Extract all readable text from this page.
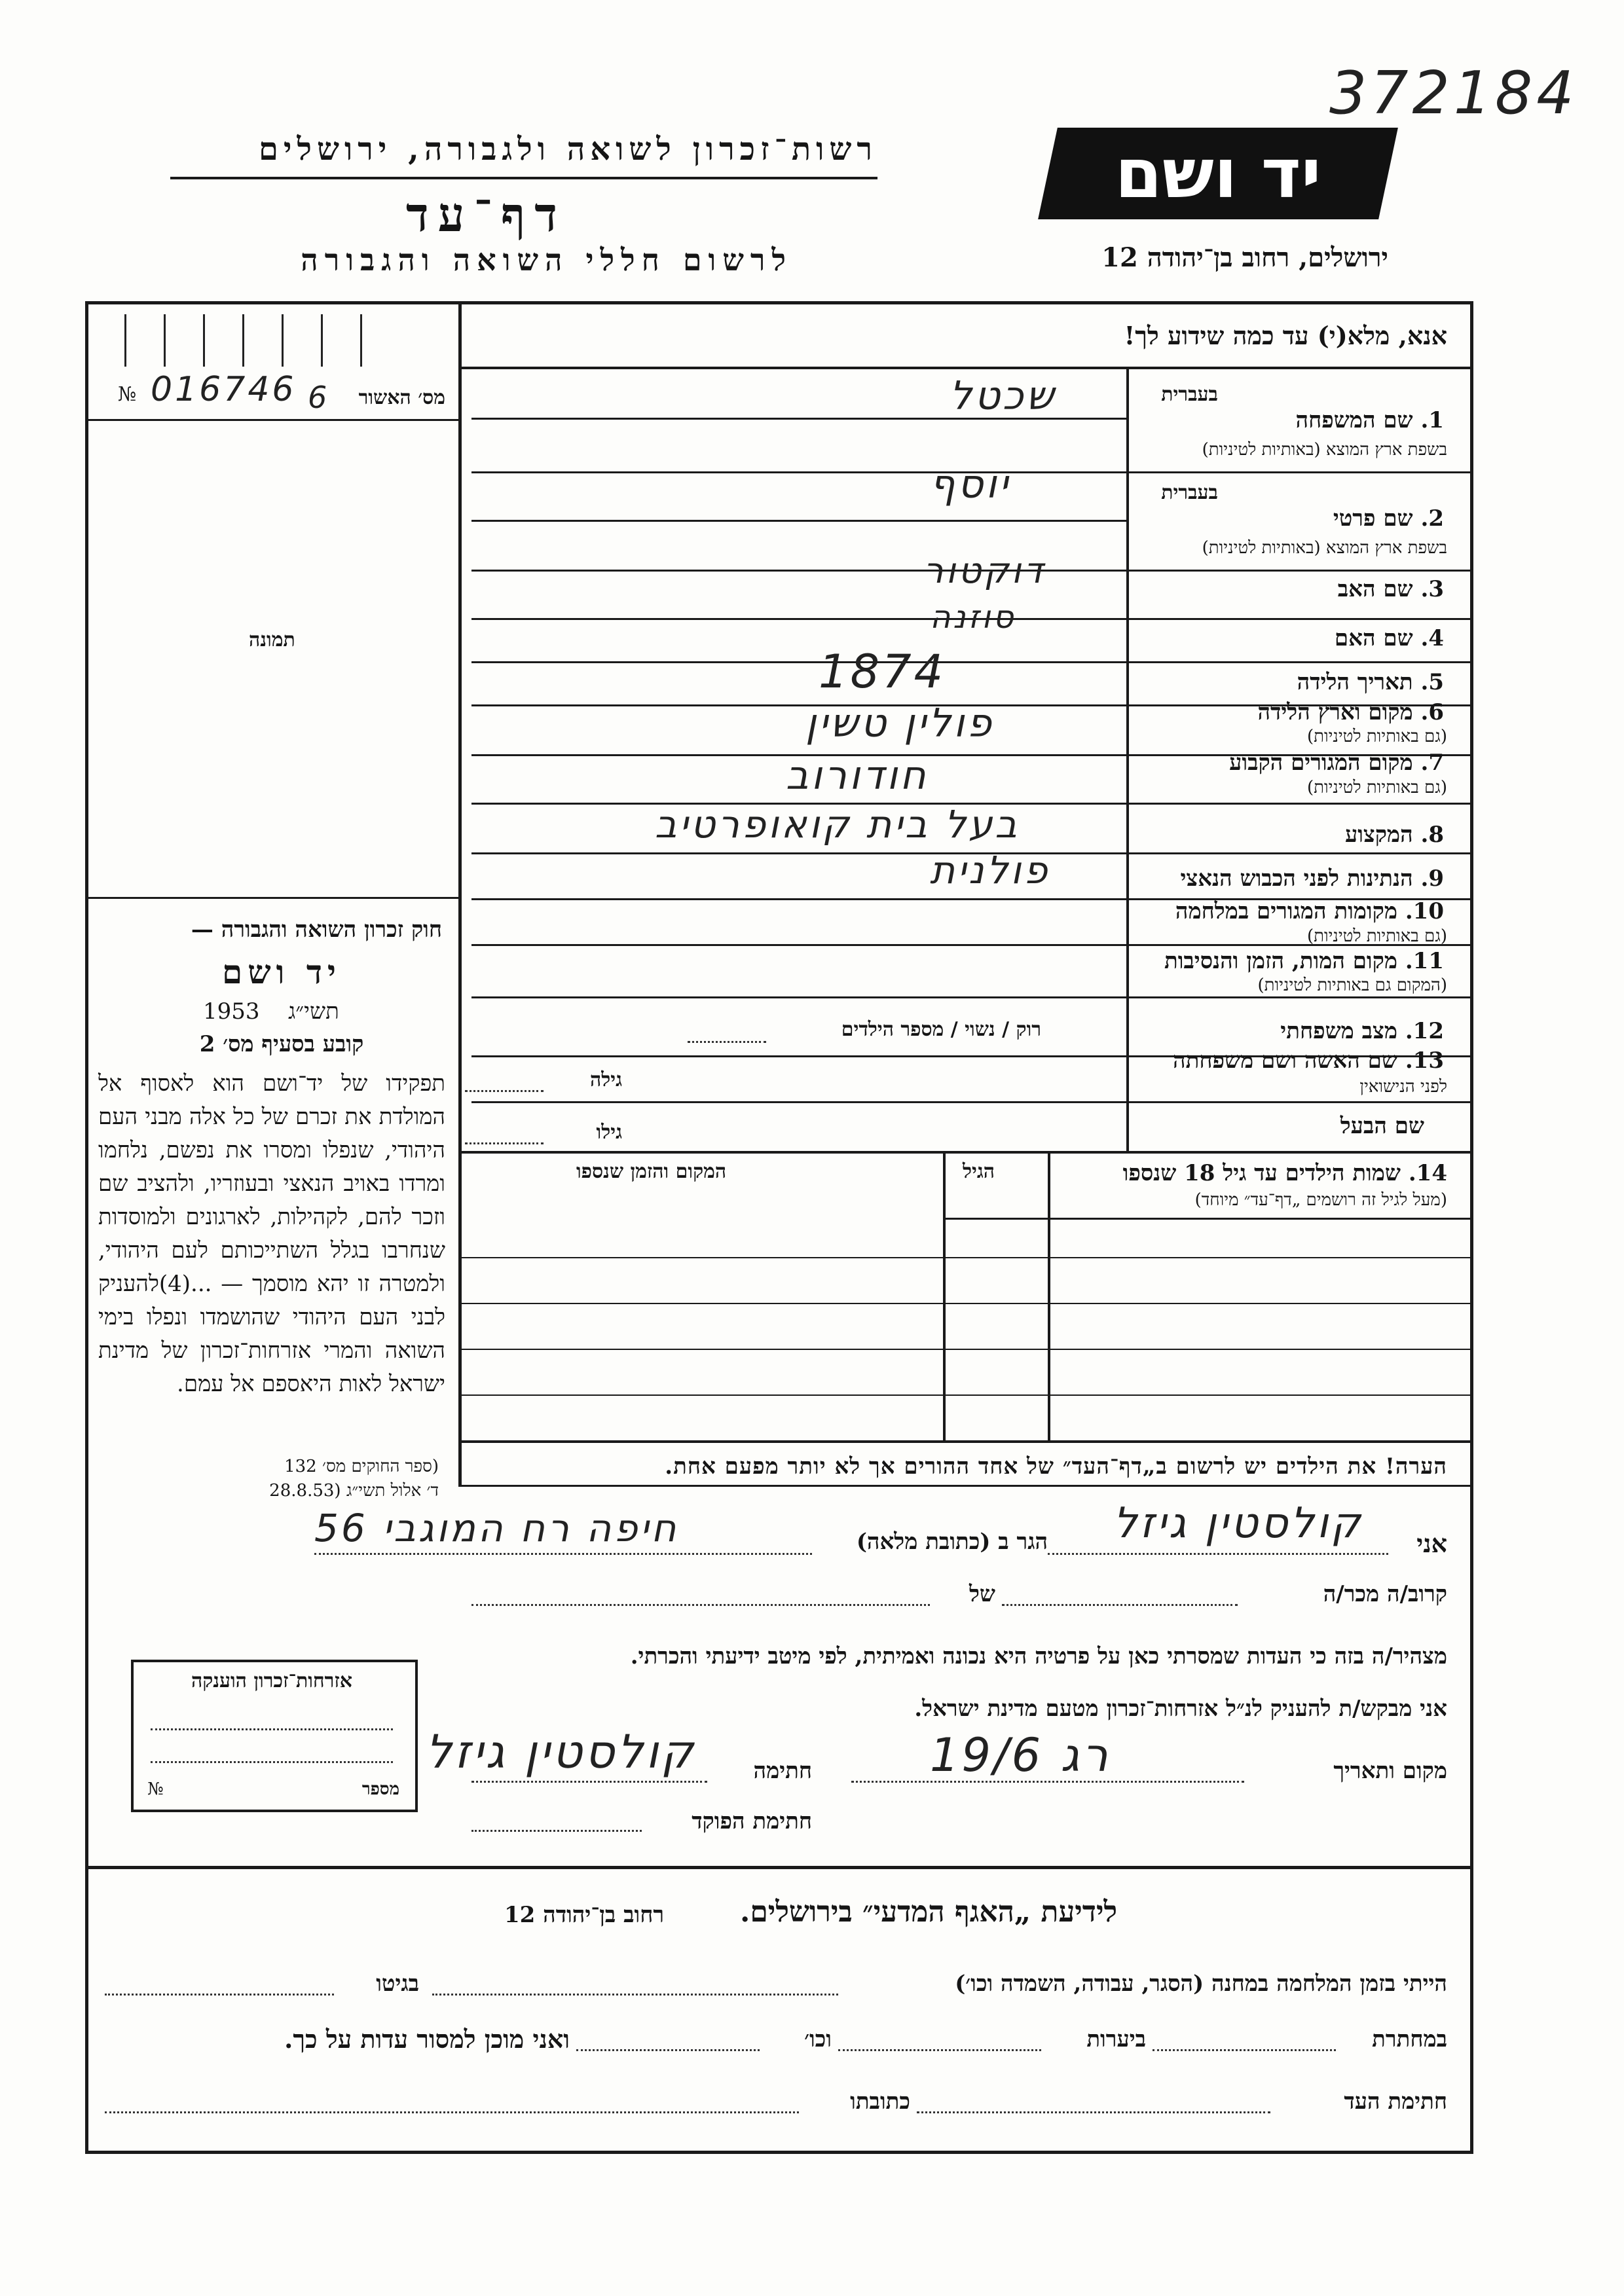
372184
רשות־זכרון לשואה ולגבורה, ירושלים
דף־עד
לרשום חללי השואה והגבורה
יד ושם
ירושלים, רחוב בן־יהודה 12
אנא, מלא(י) עד כמה שידוע לך!
№ 016746 6	מס׳ האשור
תמונה
חוק זכרון השואה והגבורה —
יד ושם
תשי״ג
1953
קובע בסעיף מס׳ 2
תפקידו של יד־ושם הוא לאסוף אל המולדת את זכרם של כל אלה מבני העם היהודי, שנפלו ומסרו את נפשם, נלחמו ומרדו באויב הנאצי ובעוזריו, ולהציב שם וזכר להם, לקהילות, לארגונים ולמוסדות שנחרבו בגלל השתייכותם לעם היהודי, ולמטרה זו יהא מוסמך — ...(4)להעניק לבני העם היהודי שהושמדו ונפלו בימי השואה והמרי אזרחות־זכרון של מדינת ישראל לאות היאספם אל עמם.
(ספר החוקים מס׳ 132
ד׳ אלול תשי״ג (28.8.53
בעברית
1. שם המשפחה
בשפת ארץ המוצא (באותיות לטיניות)
בעברית
2. שם פרטי
בשפת ארץ המוצא (באותיות לטיניות)
3. שם האב
4. שם האם
5. תאריך הלידה
6. מקום וארץ הלידה
(גם באותיות לטיניות)
7. מקום המגורים הקבוע
(גם באותיות לטיניות)
8. המקצוע
9. הנתינות לפני הכבוש הנאצי
10. מקומות המגורים במלחמה
(גם באותיות לטיניות)
11. מקום המות, הזמן והנסיבות
(המקום גם באותיות לטיניות)
12. מצב משפחתי
13. שם האשה ושם משפחתה
לפני הנישואין
שם הבעל
שכטל
יוסף
דוקטור
סוזנה
1874
פולין טשין
חודורוב
בעל בית קואופרטיב
פולנית
רוק / נשוי / מספר הילדים
גילה
גילו
14. שמות הילדים עד גיל 18 שנספו
(מעל לגיל זה רושמים „דף־עד״ מיוחד)
הגיל
המקום והזמן שנספו
הערה! את הילדים יש לרשום ב„דף־העד״ של אחד ההורים אך לא יותר מפעם אחת.
אני
קולסטין גיזל
הגר ב (כתובת מלאה)
חיפה רח המוגבי 56
קרוב/ה מכר/ה
של
מצהיר/ה בזה כי העדות שמסרתי כאן על פרטיה היא נכונה ואמיתית, לפי מיטב ידיעתי והכרתי.
אני מבקש/ת להעניק לנ״ל אזרחות־זכרון מטעם מדינת ישראל.
מקום ותאריך
רג 19/6
חתימה
קולסטין גיזל
חתימת הפוקד
אזרחות־זכרון הוענקה
№	מספר
לידיעת „האגף המדעי״ בירושלים.
רחוב בן־יהודה 12
הייתי בזמן המלחמה במחנה (הסגר, עבודה, השמדה וכו׳)
בגיטו
במחתרת
ביערות
וכו׳
ואני מוכן למסור עדות על כך.
חתימת העד
כתובתו
